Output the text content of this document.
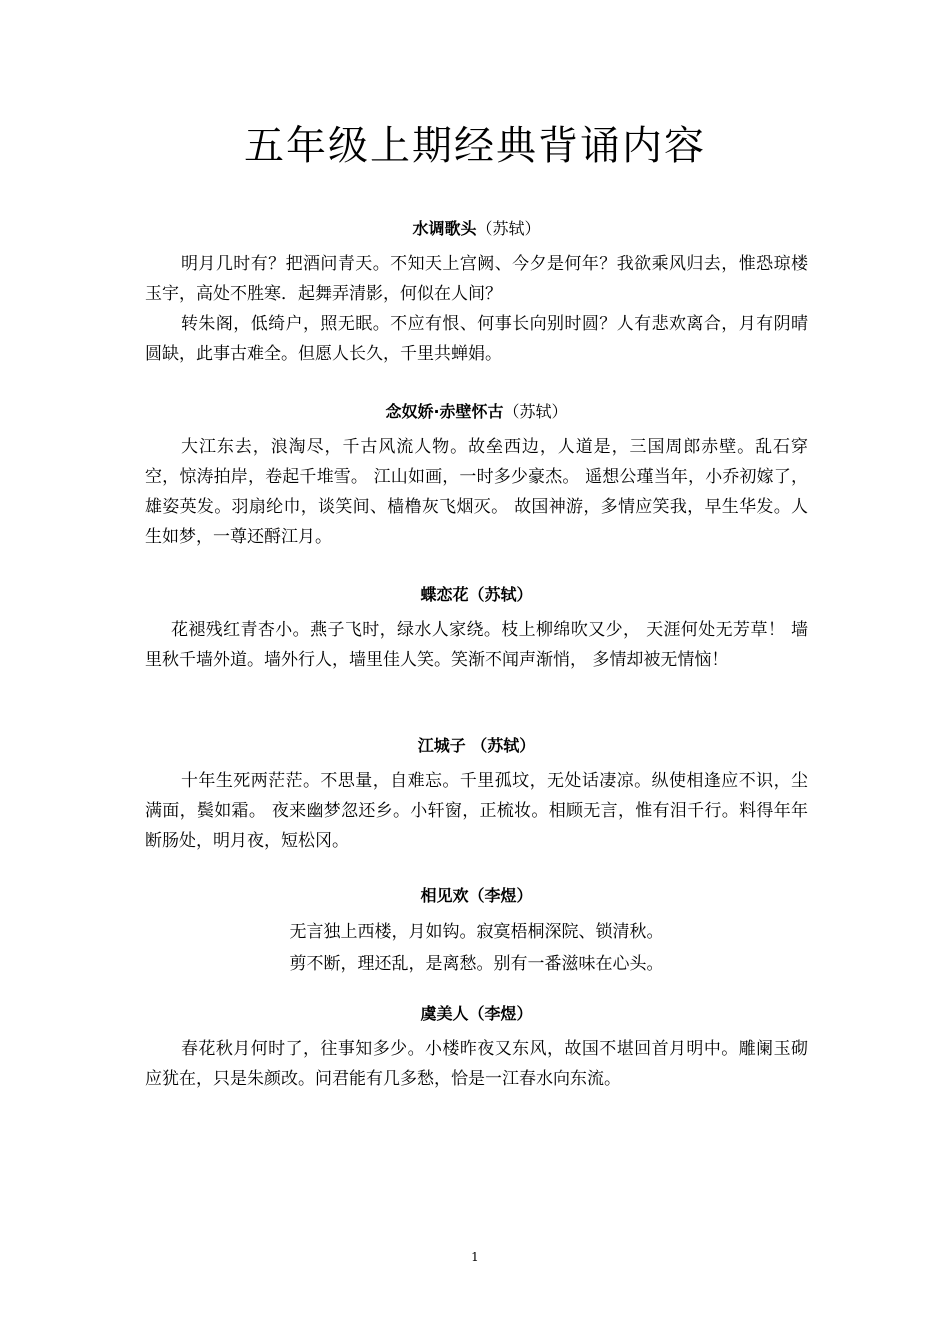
五年级上期经典背诵内容
水调歌头（苏轼）

明月几时有？把酒问青天。不知天上宫阙、今夕是何年？我欲乘风归去，惟恐琼楼玉宇，高处不胜寒．起舞弄清影，何似在人间？

转朱阁，低绮户，照无眠。不应有恨、何事长向别时圆？人有悲欢离合，月有阴晴圆缺，此事古难全。但愿人长久，千里共蝉娟。

念奴娇·赤壁怀古（苏轼）

大江东去，浪淘尽，千古风流人物。故垒西边，人道是，三国周郎赤壁。乱石穿空，惊涛拍岸，卷起千堆雪。 江山如画，一时多少豪杰。 遥想公瑾当年，小乔初嫁了，雄姿英发。羽扇纶巾，谈笑间、樯橹灰飞烟灭。 故国神游，多情应笑我，早生华发。人生如梦，一尊还酹江月。

蝶恋花（苏轼）

花褪残红青杏小。燕子飞时，绿水人家绕。枝上柳绵吹又少， 天涯何处无芳草！ 墙里秋千墙外道。墙外行人，墙里佳人笑。笑渐不闻声渐悄， 多情却被无情恼！

江城子 （苏轼）

十年生死两茫茫。不思量，自难忘。千里孤坟，无处话凄凉。纵使相逢应不识，尘满面，鬓如霜。 夜来幽梦忽还乡。小轩窗，正梳妆。相顾无言，惟有泪千行。料得年年断肠处，明月夜，短松冈。

相见欢（李煜）

无言独上西楼，月如钩。寂寞梧桐深院、锁清秋。

剪不断，理还乱，是离愁。别有一番滋味在心头。

虞美人（李煜）

春花秋月何时了，往事知多少。小楼昨夜又东风，故国不堪回首月明中。雕阑玉砌应犹在，只是朱颜改。问君能有几多愁，恰是一江春水向东流。

1
